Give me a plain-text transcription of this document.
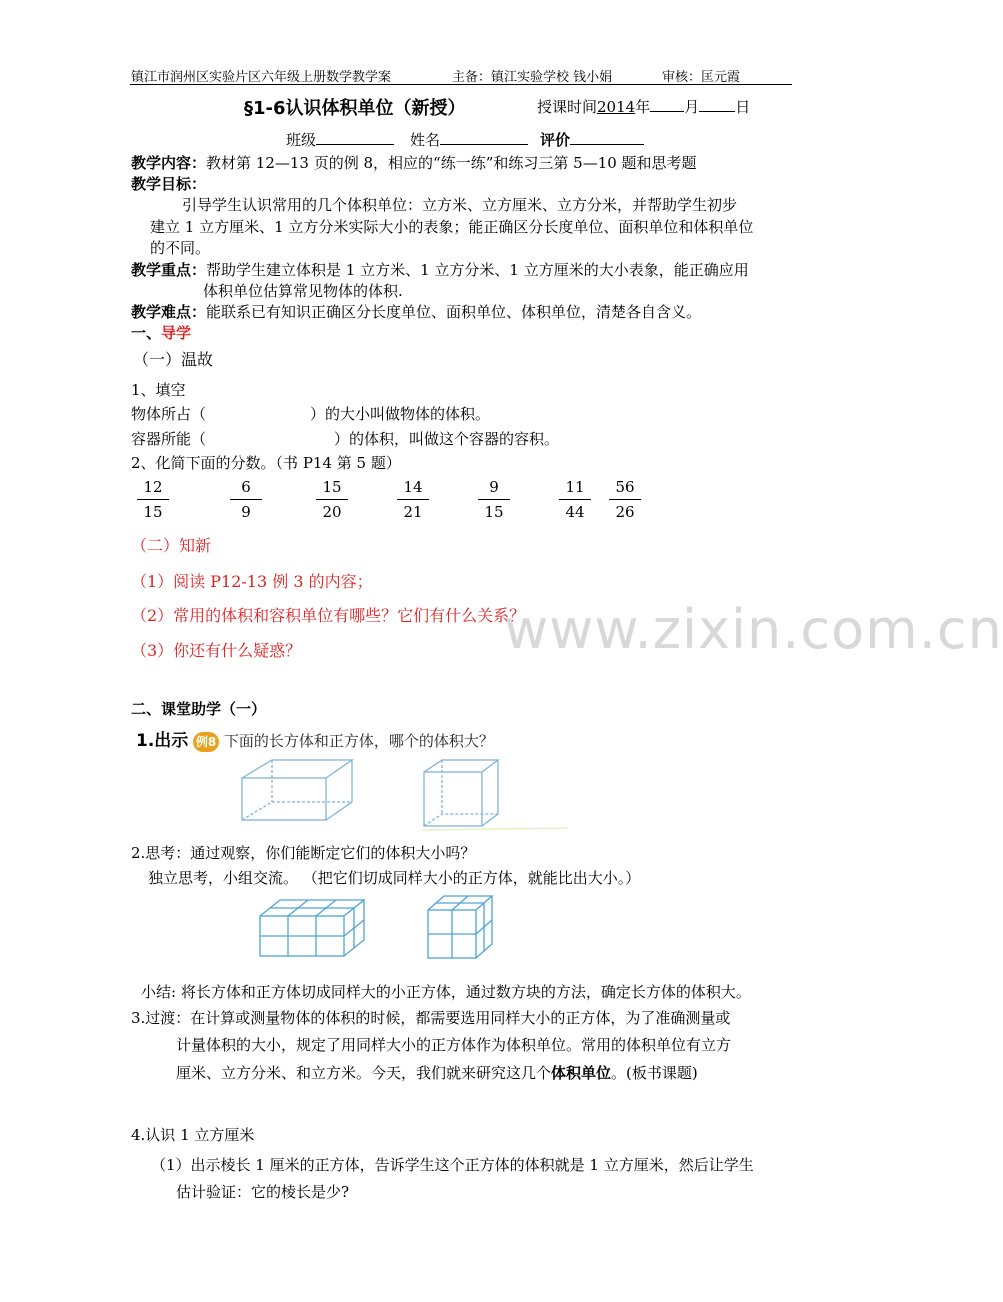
镇江市润州区实验片区六年级上册数学教学案	主备：镇江实验学校 钱小娟	审核：匡元霞
§1-6认识体积单位（新授）	授课时间2014年 月 日
班级	姓名	评价
教学内容：教材第 12—13 页的例 8，相应的“练一练”和练习三第 5—10 题和思考题
教学目标：
引导学生认识常用的几个体积单位：立方米、立方厘米、立方分米，并帮助学生初步
建立 1 立方厘米、1 立方分米实际大小的表象；能正确区分长度单位、面积单位和体积单位
的不同。
教学重点：帮助学生建立体积是 1 立方米、1 立方分米、1 立方厘米的大小表象，能正确应用
体积单位估算常见物体的体积.
教学难点：能联系已有知识正确区分长度单位、面积单位、体积单位，清楚各自含义。
一、导学
（一）温故
1、填空
物体所占（	）的大小叫做物体的体积。
容器所能（	）的体积，叫做这个容器的容积。
2、化简下面的分数。（书 P14 第 5 题）
12
15
6
9
15
20
14
21
9
15
11
44
56
26
（二）知新
（1）阅读 P12-13 例 3 的内容；
（2）常用的体积和容积单位有哪些？它们有什么关系？
（3）你还有什么疑惑？	www.zixin.com.cn
二、课堂助学（一）
1.出示 例8 下面的长方体和正方体，哪个的体积大？
2.思考：通过观察，你们能断定它们的体积大小吗？
独立思考，小组交流。 （把它们切成同样大小的正方体，就能比出大小。）
小结: 将长方体和正方体切成同样大的小正方体，通过数方块的方法，确定长方体的体积大。
3.过渡：在计算或测量物体的体积的时候，都需要选用同样大小的正方体，为了准确测量或
计量体积的大小，规定了用同样大小的正方体作为体积单位。常用的体积单位有立方
厘米、立方分米、和立方米。今天，我们就来研究这几个体积单位。(板书课题)
4.认识 1 立方厘米
（1）出示棱长 1 厘米的正方体，告诉学生这个正方体的体积就是 1 立方厘米，然后让学生
估计验证：它的棱长是少?
